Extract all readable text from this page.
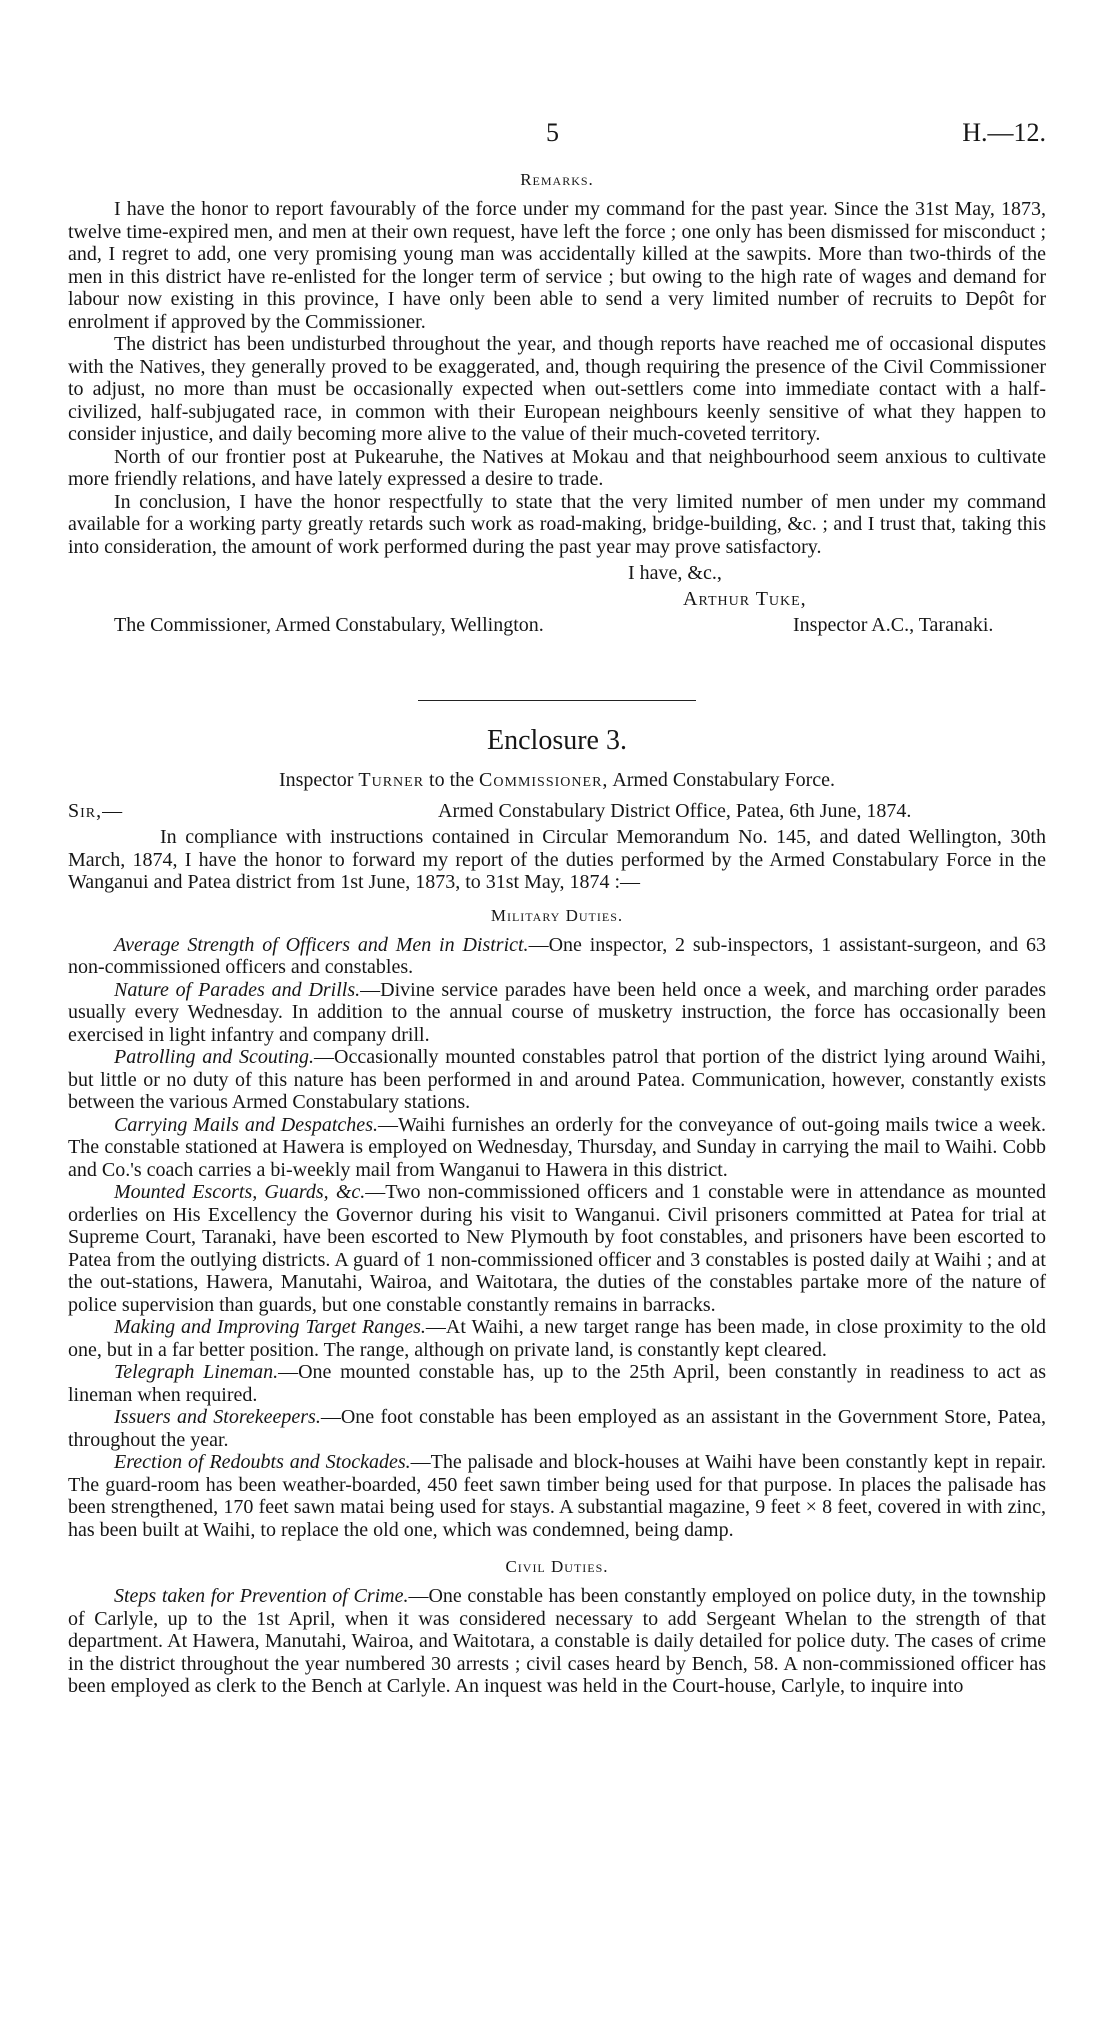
5	H.—12.
Remarks.

I have the honor to report favourably of the force under my command for the past year. Since the 31st May, 1873, twelve time-expired men, and men at their own request, have left the force ; one only has been dismissed for misconduct ; and, I regret to add, one very promising young man was accidentally killed at the sawpits. More than two-thirds of the men in this district have re-enlisted for the longer term of service ; but owing to the high rate of wages and demand for labour now existing in this province, I have only been able to send a very limited number of recruits to Depôt for enrolment if approved by the Commissioner.

The district has been undisturbed throughout the year, and though reports have reached me of occasional disputes with the Natives, they generally proved to be exaggerated, and, though requiring the presence of the Civil Commissioner to adjust, no more than must be occasionally expected when out-settlers come into immediate contact with a half-civilized, half-subjugated race, in common with their European neighbours keenly sensitive of what they happen to consider injustice, and daily becoming more alive to the value of their much-coveted territory.

North of our frontier post at Pukearuhe, the Natives at Mokau and that neighbourhood seem anxious to cultivate more friendly relations, and have lately expressed a desire to trade.

In conclusion, I have the honor respectfully to state that the very limited number of men under my command available for a working party greatly retards such work as road-making, bridge-building, &c. ; and I trust that, taking this into consideration, the amount of work performed during the past year may prove satisfactory.

I have, &c.,
Arthur Tuke,
Inspector A.C., Taranaki.
The Commissioner, Armed Constabulary, Wellington.
Enclosure 3.
Inspector Turner to the Commissioner, Armed Constabulary Force.
Sir,—	Armed Constabulary District Office, Patea, 6th June, 1874.

In compliance with instructions contained in Circular Memorandum No. 145, and dated Wellington, 30th March, 1874, I have the honor to forward my report of the duties performed by the Armed Constabulary Force in the Wanganui and Patea district from 1st June, 1873, to 31st May, 1874 :—

Military Duties.

Average Strength of Officers and Men in District.—One inspector, 2 sub-inspectors, 1 assistant-surgeon, and 63 non-commissioned officers and constables.

Nature of Parades and Drills.—Divine service parades have been held once a week, and marching order parades usually every Wednesday. In addition to the annual course of musketry instruction, the force has occasionally been exercised in light infantry and company drill.

Patrolling and Scouting.—Occasionally mounted constables patrol that portion of the district lying around Waihi, but little or no duty of this nature has been performed in and around Patea. Communication, however, constantly exists between the various Armed Constabulary stations.

Carrying Mails and Despatches.—Waihi furnishes an orderly for the conveyance of out-going mails twice a week. The constable stationed at Hawera is employed on Wednesday, Thursday, and Sunday in carrying the mail to Waihi. Cobb and Co.'s coach carries a bi-weekly mail from Wanganui to Hawera in this district.

Mounted Escorts, Guards, &c.—Two non-commissioned officers and 1 constable were in attendance as mounted orderlies on His Excellency the Governor during his visit to Wanganui. Civil prisoners committed at Patea for trial at Supreme Court, Taranaki, have been escorted to New Plymouth by foot constables, and prisoners have been escorted to Patea from the outlying districts. A guard of 1 non-commissioned officer and 3 constables is posted daily at Waihi ; and at the out-stations, Hawera, Manutahi, Wairoa, and Waitotara, the duties of the constables partake more of the nature of police supervision than guards, but one constable constantly remains in barracks.

Making and Improving Target Ranges.—At Waihi, a new target range has been made, in close proximity to the old one, but in a far better position. The range, although on private land, is constantly kept cleared.

Telegraph Lineman.—One mounted constable has, up to the 25th April, been constantly in readiness to act as lineman when required.

Issuers and Storekeepers.—One foot constable has been employed as an assistant in the Government Store, Patea, throughout the year.

Erection of Redoubts and Stockades.—The palisade and block-houses at Waihi have been constantly kept in repair. The guard-room has been weather-boarded, 450 feet sawn timber being used for that purpose. In places the palisade has been strengthened, 170 feet sawn matai being used for stays. A substantial magazine, 9 feet × 8 feet, covered in with zinc, has been built at Waihi, to replace the old one, which was condemned, being damp.

Civil Duties.

Steps taken for Prevention of Crime.—One constable has been constantly employed on police duty, in the township of Carlyle, up to the 1st April, when it was considered necessary to add Sergeant Whelan to the strength of that department. At Hawera, Manutahi, Wairoa, and Waitotara, a constable is daily detailed for police duty. The cases of crime in the district throughout the year numbered 30 arrests ; civil cases heard by Bench, 58. A non-commissioned officer has been employed as clerk to the Bench at Carlyle. An inquest was held in the Court-house, Carlyle, to inquire into
